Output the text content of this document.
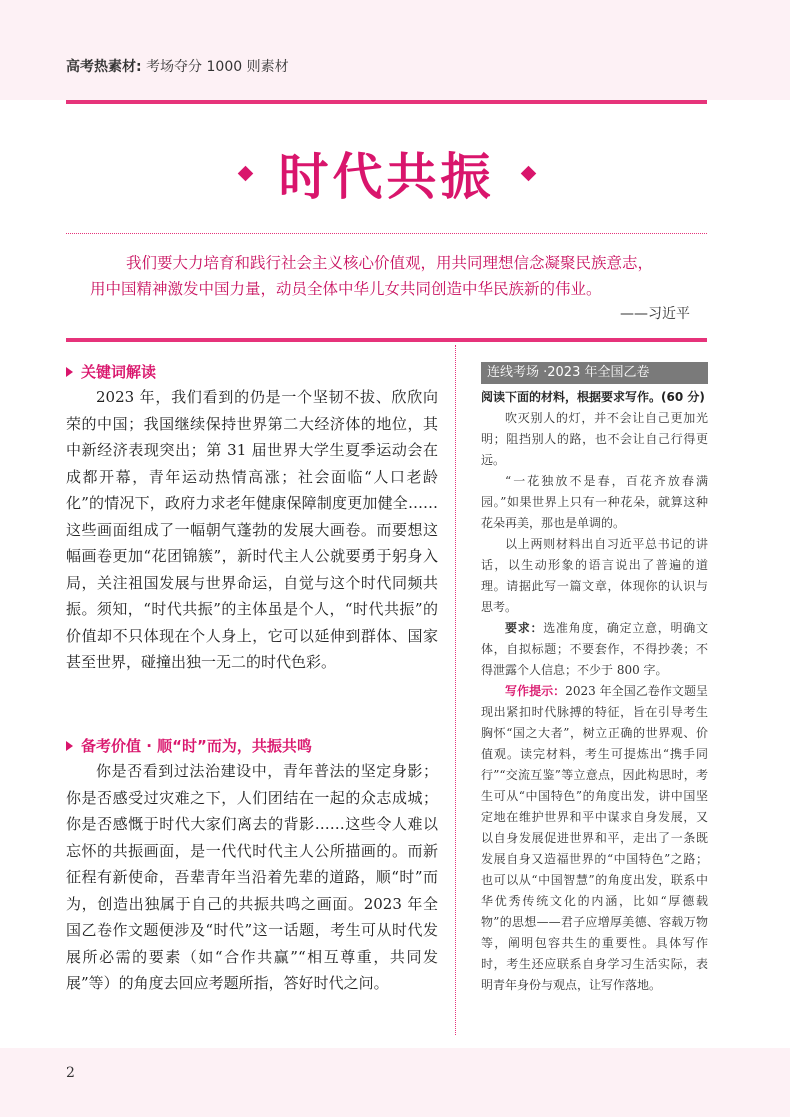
高考热素材: 考场夺分 1000 则素材
时代共振
我们要大力培育和践行社会主义核心价值观，用共同理想信念凝聚民族意志，
用中国精神激发中国力量，动员全体中华儿女共同创造中华民族新的伟业。
——习近平
关键词解读
2023 年，我们看到的仍是一个坚韧不拔、欣欣向荣的中国；我国继续保持世界第二大经济体的地位，其中新经济表现突出；第 31 届世界大学生夏季运动会在成都开幕，青年运动热情高涨；社会面临“人口老龄化”的情况下，政府力求老年健康保障制度更加健全……这些画面组成了一幅朝气蓬勃的发展大画卷。而要想这幅画卷更加“花团锦簇”，新时代主人公就要勇于躬身入局，关注祖国发展与世界命运，自觉与这个时代同频共振。须知，“时代共振”的主体虽是个人，“时代共振”的价值却不只体现在个人身上，它可以延伸到群体、国家甚至世界，碰撞出独一无二的时代色彩。
备考价值 · 顺“时”而为，共振共鸣
你是否看到过法治建设中，青年普法的坚定身影；你是否感受过灾难之下，人们团结在一起的众志成城；你是否感慨于时代大家们离去的背影……这些令人难以忘怀的共振画面，是一代代时代主人公所描画的。而新征程有新使命，吾辈青年当沿着先辈的道路，顺“时”而为，创造出独属于自己的共振共鸣之画面。2023 年全国乙卷作文题便涉及“时代”这一话题，考生可从时代发展所必需的要素（如“合作共赢”“相互尊重，共同发展”等）的角度去回应考题所指，答好时代之问。
连线考场 ·2023 年全国乙卷
阅读下面的材料，根据要求写作。(60 分)
吹灭别人的灯，并不会让自己更加光明；阻挡别人的路，也不会让自己行得更远。
“一花独放不是春，百花齐放春满园。”如果世界上只有一种花朵，就算这种花朵再美，那也是单调的。
以上两则材料出自习近平总书记的讲话，以生动形象的语言说出了普遍的道理。请据此写一篇文章，体现你的认识与思考。
要求：选准角度，确定立意，明确文体，自拟标题；不要套作，不得抄袭；不得泄露个人信息；不少于 800 字。
写作提示：2023 年全国乙卷作文题呈现出紧扣时代脉搏的特征，旨在引导考生胸怀“国之大者”，树立正确的世界观、价值观。读完材料，考生可提炼出“携手同行”“交流互鉴”等立意点，因此构思时，考生可从“中国特色”的角度出发，讲中国坚定地在维护世界和平中谋求自身发展，又以自身发展促进世界和平，走出了一条既发展自身又造福世界的“中国特色”之路；也可以从“中国智慧”的角度出发，联系中华优秀传统文化的内涵，比如“厚德载物”的思想——君子应增厚美德、容载万物等，阐明包容共生的重要性。具体写作时，考生还应联系自身学习生活实际，表明青年身份与观点，让写作落地。
2
